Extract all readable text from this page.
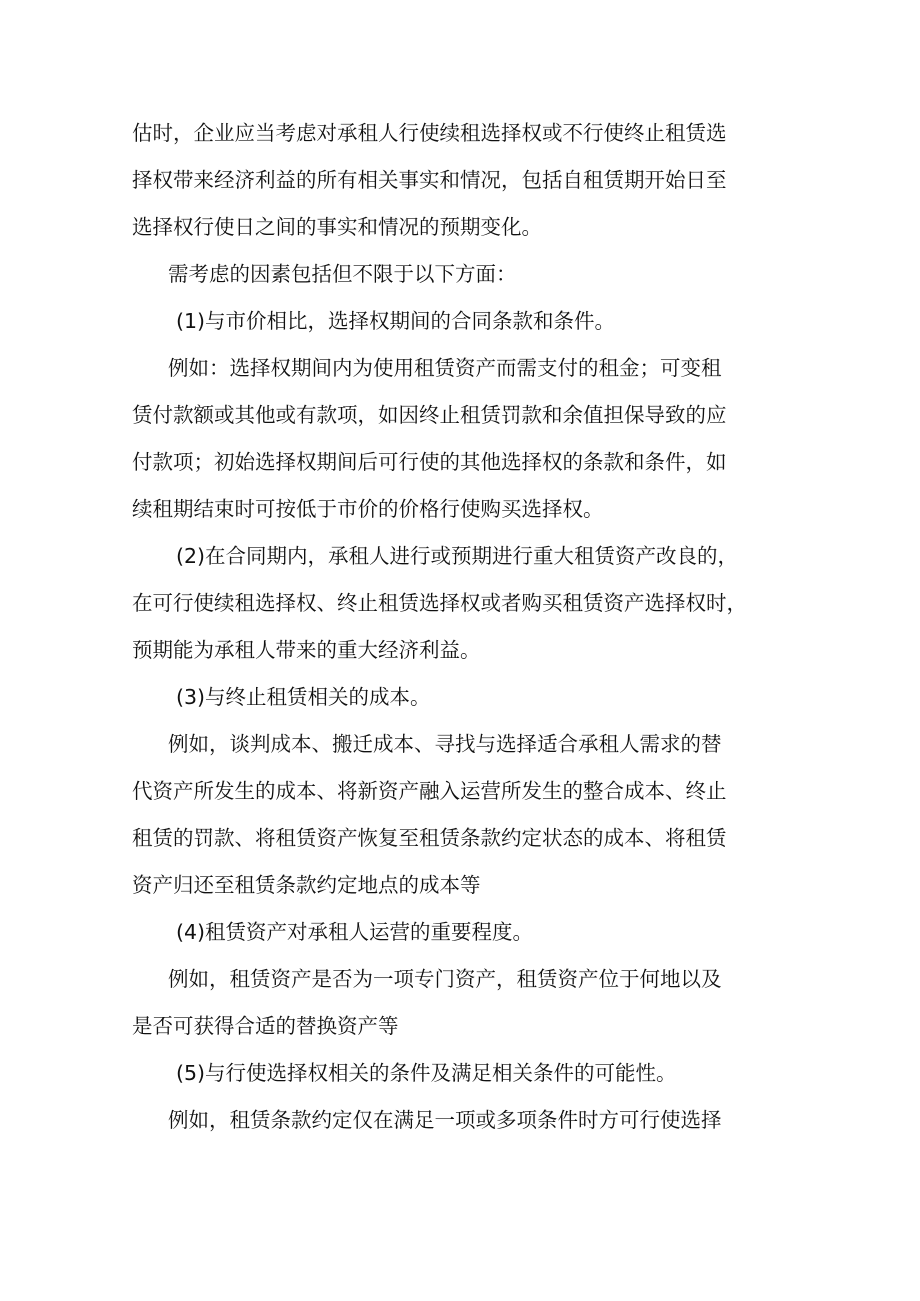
估时，企业应当考虑对承租人行使续租选择权或不行使终止租赁选
择权带来经济利益的所有相关事实和情况，包括自租赁期开始日至
选择权行使日之间的事实和情况的预期变化。
需考虑的因素包括但不限于以下方面：
(1)与市价相比，选择权期间的合同条款和条件。
例如：选择权期间内为使用租赁资产而需支付的租金；可变租
赁付款额或其他或有款项，如因终止租赁罚款和余值担保导致的应
付款项；初始选择权期间后可行使的其他选择权的条款和条件，如
续租期结束时可按低于市价的价格行使购买选择权。
(2)在合同期内，承租人进行或预期进行重大租赁资产改良的，
在可行使续租选择权、终止租赁选择权或者购买租赁资产选择权时，
预期能为承租人带来的重大经济利益。
(3)与终止租赁相关的成本。
例如，谈判成本、搬迁成本、寻找与选择适合承租人需求的替
代资产所发生的成本、将新资产融入运营所发生的整合成本、终止
租赁的罚款、将租赁资产恢复至租赁条款约定状态的成本、将租赁
资产归还至租赁条款约定地点的成本等
(4)租赁资产对承租人运营的重要程度。
例如，租赁资产是否为一项专门资产，租赁资产位于何地以及
是否可获得合适的替换资产等
(5)与行使选择权相关的条件及满足相关条件的可能性。
例如，租赁条款约定仅在满足一项或多项条件时方可行使选择
